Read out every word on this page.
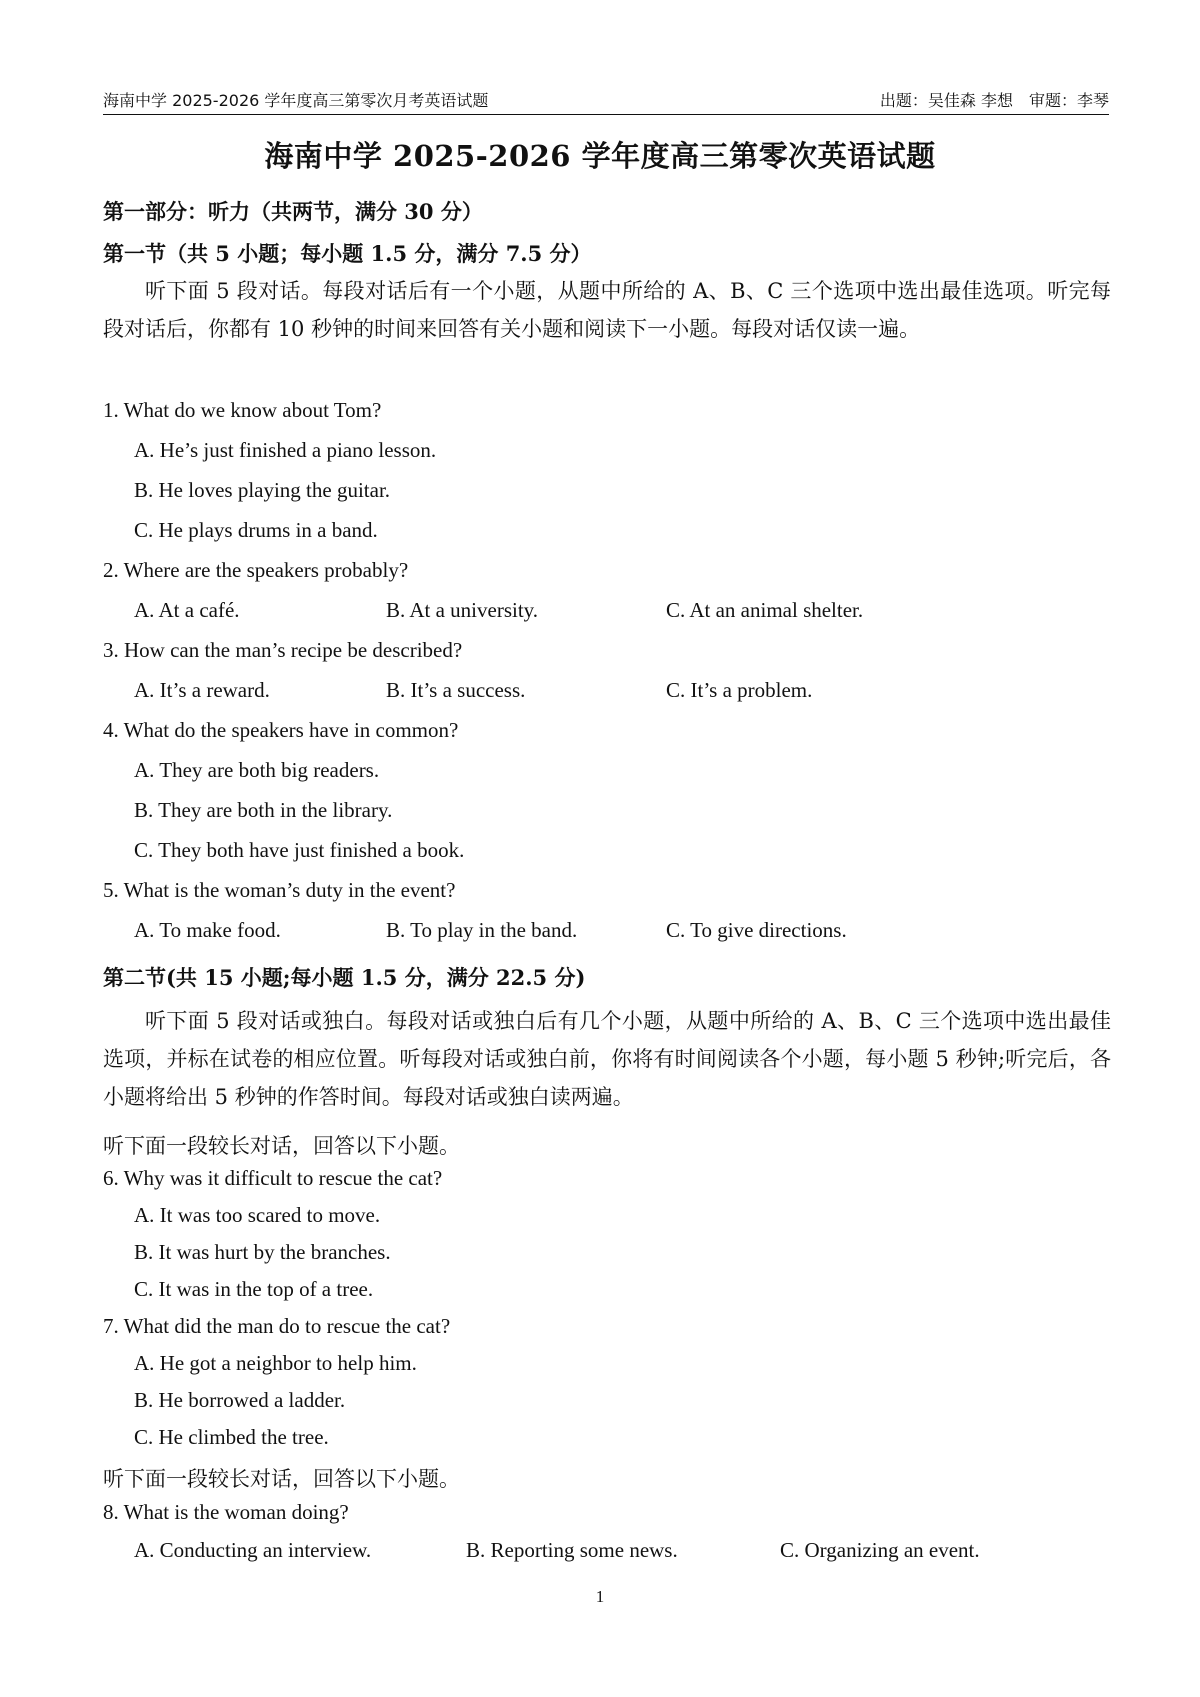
海南中学 2025-2026 学年度高三第零次月考英语试题	出题：吴佳森 李想　审题：李琴
海南中学 2025-2026 学年度高三第零次英语试题
第一部分：听力（共两节，满分 30 分）
第一节（共 5 小题；每小题 1.5 分，满分 7.5 分）
听下面 5 段对话。每段对话后有一个小题，从题中所给的 A、B、C 三个选项中选出最佳选项。听完每段对话后，你都有 10 秒钟的时间来回答有关小题和阅读下一小题。每段对话仅读一遍。
1. What do we know about Tom?
A. He’s just finished a piano lesson.
B. He loves playing the guitar.
C. He plays drums in a band.
2. Where are the speakers probably?
A. At a café.	B. At a university.	C. At an animal shelter.
3. How can the man’s recipe be described?
A. It’s a reward.	B. It’s a success.	C. It’s a problem.
4. What do the speakers have in common?
A. They are both big readers.
B. They are both in the library.
C. They both have just finished a book.
5. What is the woman’s duty in the event?
A. To make food.	B. To play in the band.	C. To give directions.
第二节(共 15 小题;每小题 1.5 分，满分 22.5 分)
听下面 5 段对话或独白。每段对话或独白后有几个小题，从题中所给的 A、B、C 三个选项中选出最佳选项，并标在试卷的相应位置。听每段对话或独白前，你将有时间阅读各个小题，每小题 5 秒钟;听完后，各小题将给出 5 秒钟的作答时间。每段对话或独白读两遍。
听下面一段较长对话，回答以下小题。
6. Why was it difficult to rescue the cat?
A. It was too scared to move.
B. It was hurt by the branches.
C. It was in the top of a tree.
7. What did the man do to rescue the cat?
A. He got a neighbor to help him.
B. He borrowed a ladder.
C. He climbed the tree.
听下面一段较长对话，回答以下小题。
8. What is the woman doing?
A. Conducting an interview.	B. Reporting some news.	C. Organizing an event.
1
